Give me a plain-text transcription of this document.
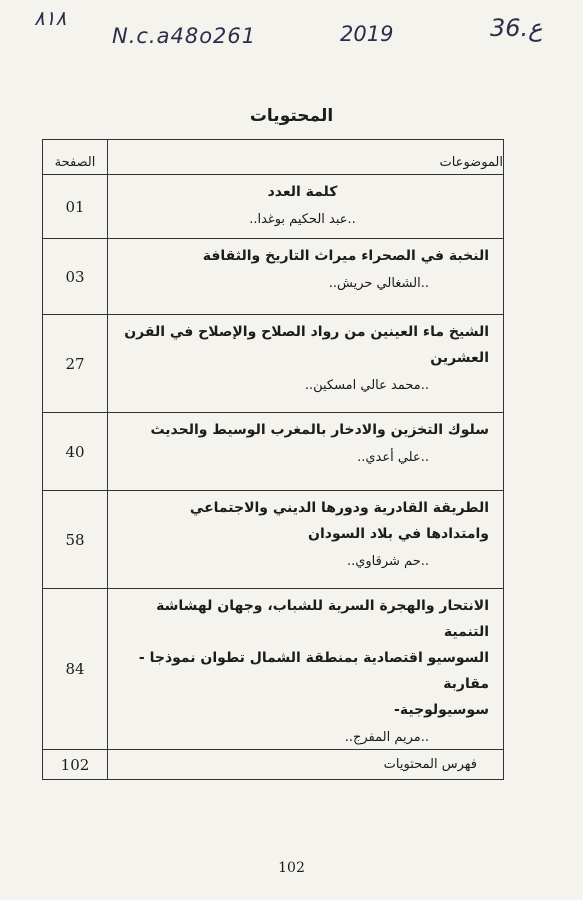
٨١٨
N.c.a48o261	2019	36.ع
المحتويات
الموضوعات	الصفحة

كلمة العدد
..عبد الحكيم بوغدا..	01

النخبة في الصحراء ميراث التاريخ والثقافة
..الشغالي حريش..	03

الشيخ ماء العينين من رواد الصلاح والإصلاح في القرن
العشرين
..محمد عالي امسكين..	27

سلوك التخزين والادخار بالمغرب الوسيط والحديث
..علي أعدي..	40

الطريقة القادرية ودورها الديني والاجتماعي
وامتدادها في بلاد السودان
..حم شرقاوي..	58

الانتحار والهجرة السرية للشباب، وجهان لهشاشة التنمية
السوسيو اقتصادية بمنطقة الشمال تطوان نموذجا - مقاربة
سوسيولوجية-
..مريم المفرج..	84
فهرس المحتويات	102
102
